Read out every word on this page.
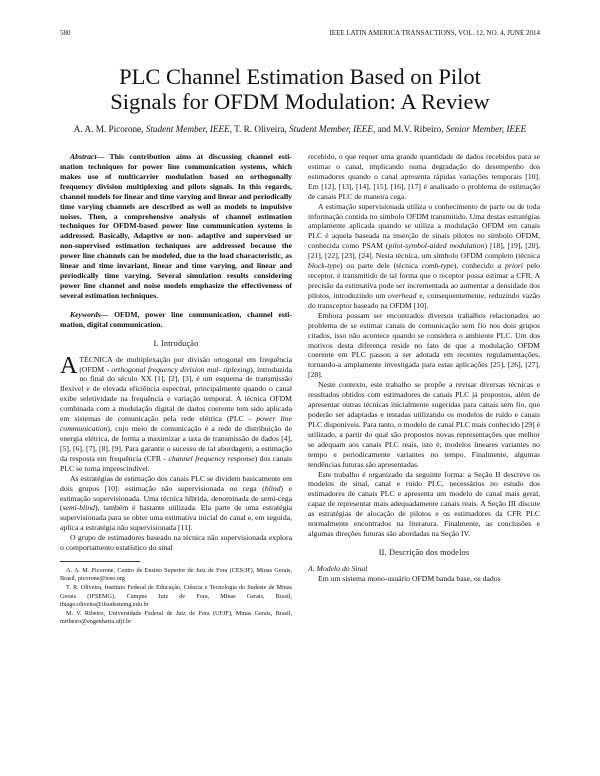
580	IEEE LATIN AMERICA TRANSACTIONS, VOL. 12, NO. 4, JUNE 2014
PLC Channel Estimation Based on Pilot
Signals for OFDM Modulation: A Review
A. A. M. Picorone, Student Member, IEEE, T. R. Oliveira, Student Member, IEEE, and M.V. Ribeiro, Senior Member, IEEE

Abstract— This contribution aims at discussing channel esti- mation techniques for power line communication systems, which makes use of multicarrier modulation based on orthogonally frequency division multiplexing and pilots signals. In this regards, channel models for linear and time varying and linear and periodically time varying channels are described as well as models to impulsive noises. Then, a comprehensive analysis of channel estimation techniques for OFDM-based power line communication systems is addressed. Basically, Adaptive or non- adaptive and supervised or non-supervised estimation techniques are addressed because the power line channels can be modeled, due to the load characteristic, as linear and time invariant, linear and time varying, and linear and periodically time varying. Several simulation results considering power line channel and noise models emphasize the effectiveness of several estimation techniques.

Keywords— OFDM, power line communication, channel esti- mation, digital communication.

I. Introdução

ATÉCNICA de multiplexação por divisão ortogonal em frequência (OFDM - orthogonal frequency division mul- tiplexing), introduzida no final do século XX [1], [2], [3], é um esquema de transmissão flexível e de elevada eficiência espectral, principalmente quando o canal exibe seletividade na frequência e variação temporal. A técnica OFDM combinada com a modulação digital de dados coerente tem sido aplicada em sistemas de comunicação pela rede elétrica (PLC - power line communication), cujo meio de comunicação é a rede de distribuição de energia elétrica, de forma a maximizar a taxa de transmissão de dados [4], [5], [6], [7], [8], [9]. Para garantir o sucesso de tal abordagem, a estimação da resposta em frequência (CFR - channel frequency response) dos canais PLC se torna imprescindível.

As estratégias de estimação dos canais PLC se dividem basicamente em dois grupos [10]: estimação não supervisionada ou cega (blind) e estimação supervisionada. Uma técnica híbrida, denominada de semi-cega (semi-blind), também é bastante utilizada. Ela parte de uma estratégia supervisionada para se obter uma estimativa inicial do canal e, em seguida, aplica a estratégia não supervisionada [11].

O grupo de estimadores baseado na técnica não supervisionada explora o comportamento estatístico do sinal

A. A. M. Picorone, Centro de Ensino Superior de Juiz de Fora (CES/JF), Minas Gerais, Brasil, picorone@ieee.org

T. R. Oliveira, Instituto Federal de Educação, Ciência e Tecnologia do Sudeste de Minas Gerais (IFSEMG), Campus Juiz de Fora, Minas Gerais, Brasil, thiago.oliveira@ifsudestemg.edu.br

M. V. Ribeiro, Universidade Federal de Juiz de Fora (UFJF), Minas Gerais, Brasil, mribeiro@engenharia.ufjf.br

recebido, o que requer uma grande quantidade de dados recebidos para se estimar o canal, implicando numa degradação do desempenho dos estimadores quando o canal apresenta rápidas variações temporais [10]. Em [12], [13], [14], [15], [16], [17] é analisado o problema de estimação de canais PLC de maneira cega.

A estimação supervisionada utiliza o conhecimento de parte ou de toda informação contida no símbolo OFDM transmitido. Uma destas estratégias amplamente aplicada quando se utiliza a modulação OFDM em canais PLC é aquela baseada na inserção de sinais pilotos no símbolo OFDM, conhecida como PSAM (pilot-symbol-aided modulation) [18], [19], [20], [21], [22], [23], [24]. Nesta técnica, um símbolo OFDM completo (técnica block-type) ou parte dele (técnica comb-type), conhecido a priori pelo receptor, é transmitido de tal forma que o receptor possa estimar a CFR. A precisão da estimativa pode ser incrementada ao aumentar a densidade dos pilotos, introduzindo um overhead e, consequentemente, reduzindo vazão do transceptor baseado na OFDM [10].

Embora possam ser encontrados diversos trabalhos relacionados ao problema de se estimar canais de comunicação sem fio nos dois grupos citados, isso não acontece quando se considera o ambiente PLC. Um dos motivos desta diferença reside no fato de que a modulação OFDM coerente em PLC passou a ser adotada em recentes regulamentações, tornando-a amplamente investigada para estas aplicações [25], [26], [27], [28].

Neste contexto, este trabalho se propõe a revisar diversas técnicas e resultados obtidos com estimadores de canais PLC já propostos, além de apresentar outras técnicas inicialmente sugeridas para canais sem fio, que poderão ser adaptadas e testadas utilizando os modelos de ruído e canais PLC disponíveis. Para tanto, o modelo de canal PLC mais conhecido [29] é utilizado, a partir do qual são propostos novas representações que melhor se adequam aos canais PLC reais, isto é, modelos lineares variantes no tempo e periodicamente variantes no tempo. Finalmente, algumas tendências futuras são apresentadas.

Este trabalho é organizado da seguinte forma: a Seção II descreve os modelos de sinal, canal e ruído PLC, necessários no estudo dos estimadores de canais PLC e apresenta um modelo de canal mais geral, capaz de representar mais adequadamente canais reais. A Seção III discute as estratégias de alocação de pilotos e os estimadores da CFR PLC normalmente encontrados na literatura. Finalmente, as conclusões e algumas direções futuras são abordadas na Seção IV.

II. Descrição dos modelos

A. Modelo do Sinal

Em um sistema mono-usuário OFDM banda base, os dados
